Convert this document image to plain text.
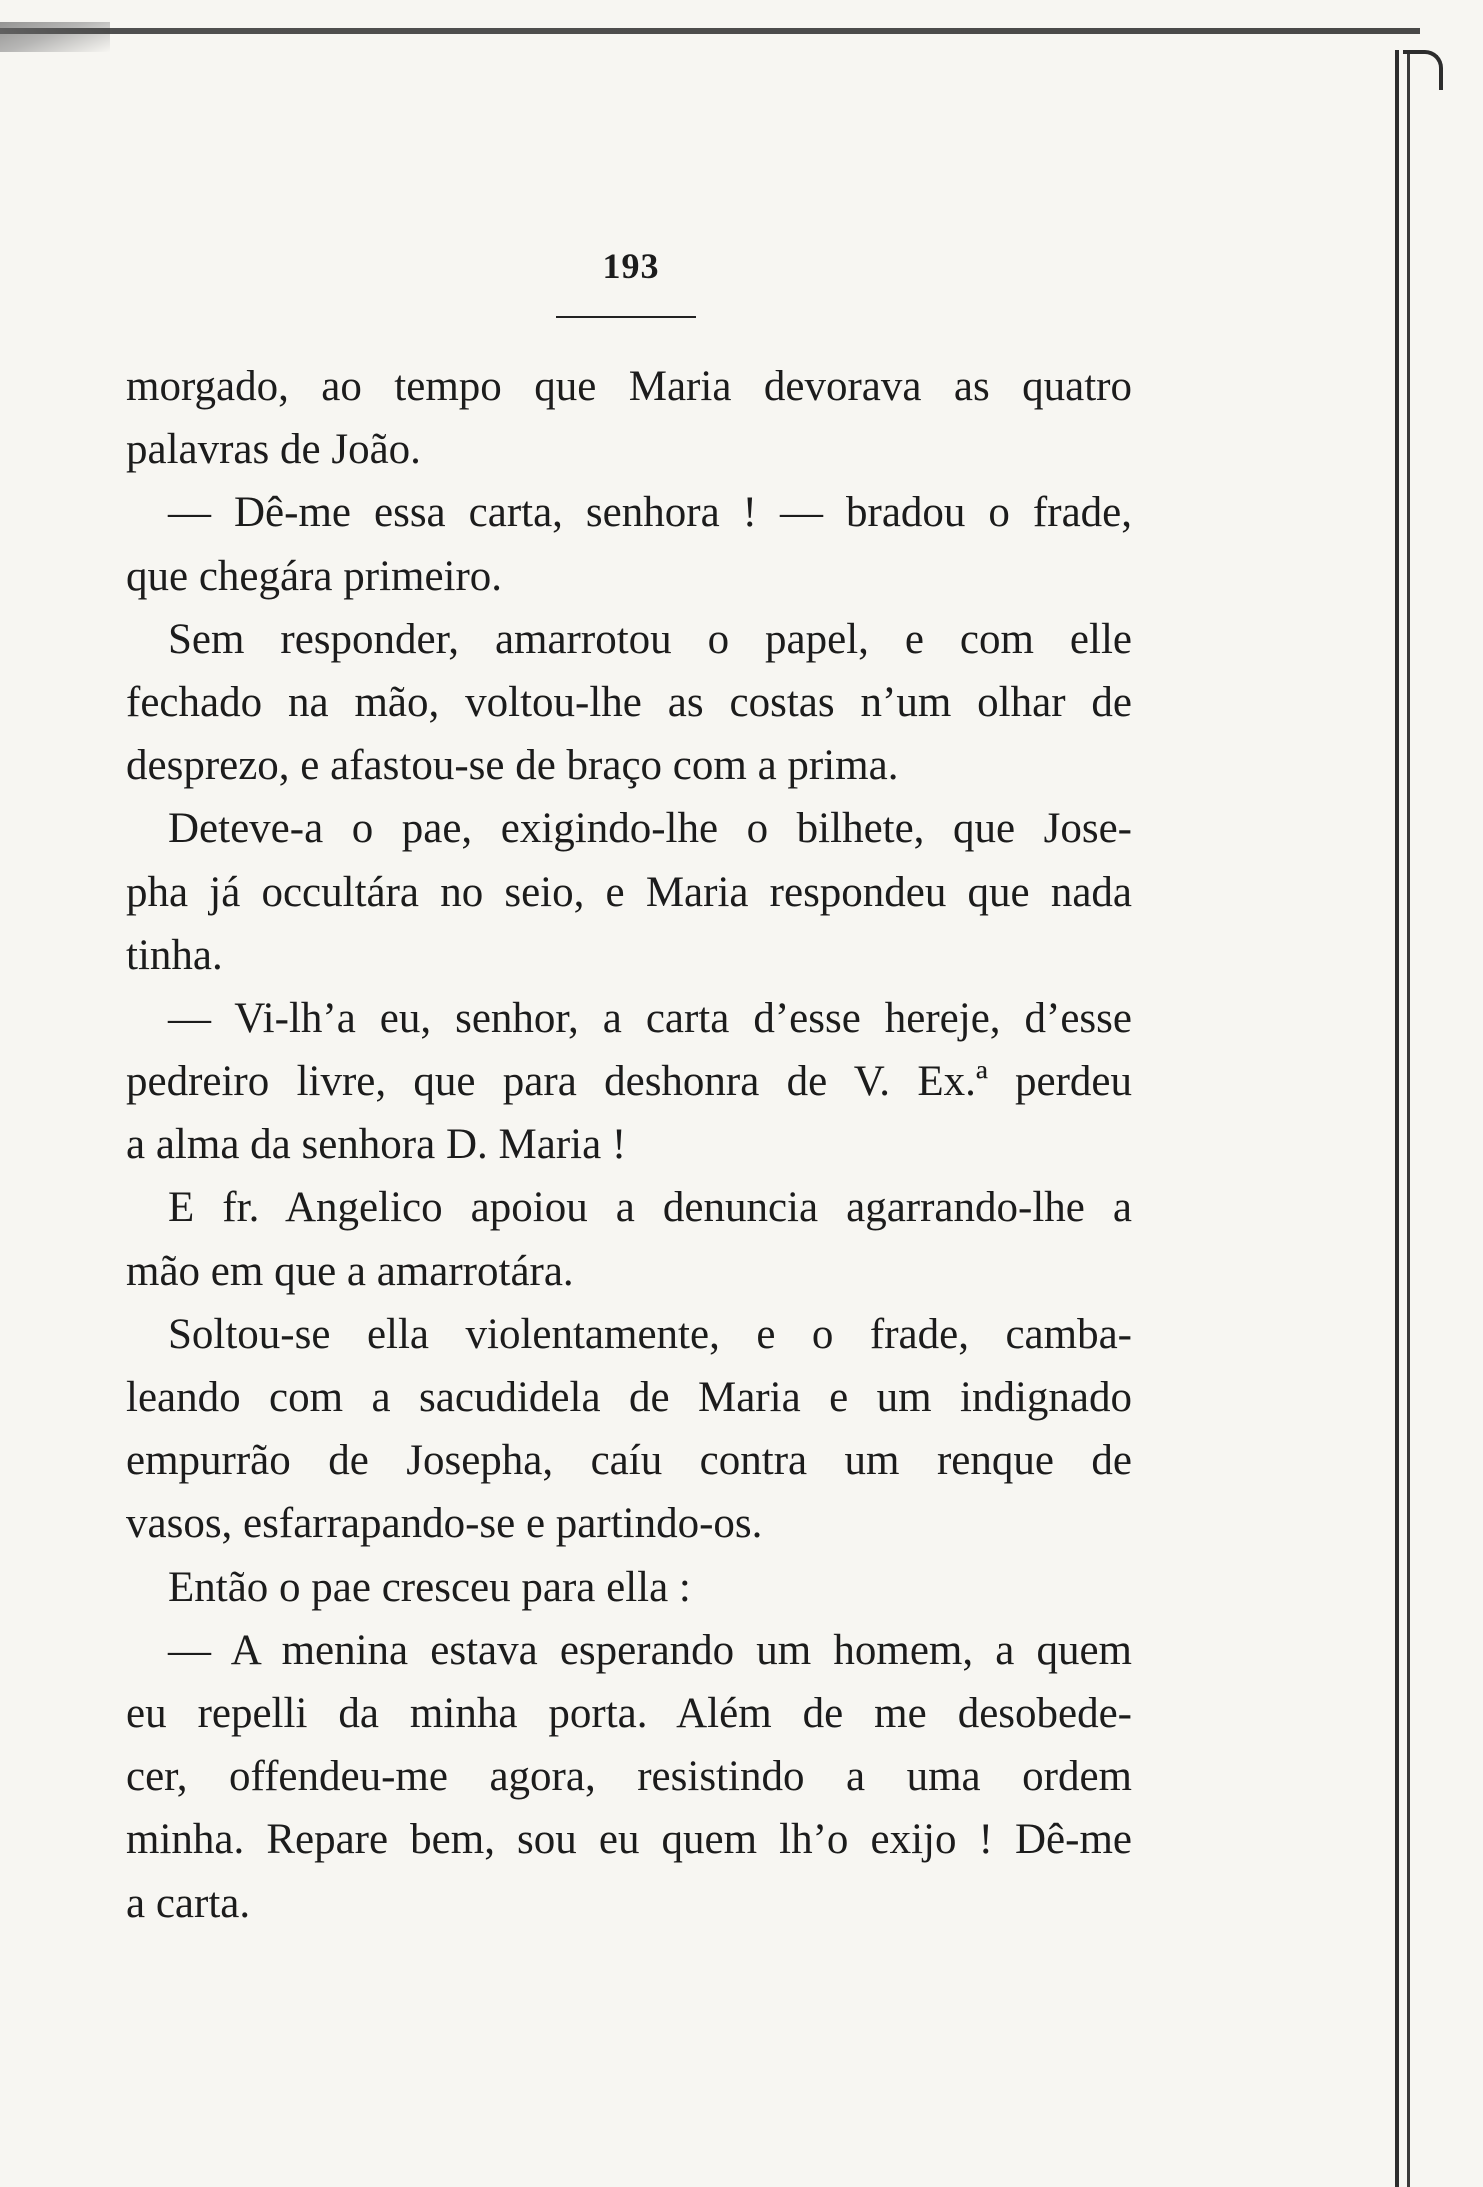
193
morgado, ao tempo que Maria devorava as quatro
palavras de João.
— Dê-me essa carta, senhora ! — bradou o frade,
que chegára primeiro.
Sem responder, amarrotou o papel, e com elle
fechado na mão, voltou-lhe as costas n’um olhar de
desprezo, e afastou-se de braço com a prima.
Deteve-a o pae, exigindo-lhe o bilhete, que Jose-
pha já occultára no seio, e Maria respondeu que nada
tinha.
— Vi-lh’a eu, senhor, a carta d’esse hereje, d’esse
pedreiro livre, que para deshonra de V. Ex.ª perdeu
a alma da senhora D. Maria !
E fr. Angelico apoiou a denuncia agarrando-lhe a
mão em que a amarrotára.
Soltou-se ella violentamente, e o frade, camba-
leando com a sacudidela de Maria e um indignado
empurrão de Josepha, caíu contra um renque de
vasos, esfarrapando-se e partindo-os.
Então o pae cresceu para ella :
— A menina estava esperando um homem, a quem
eu repelli da minha porta. Além de me desobede-
cer, offendeu-me agora, resistindo a uma ordem
minha. Repare bem, sou eu quem lh’o exijo ! Dê-me
a carta.
